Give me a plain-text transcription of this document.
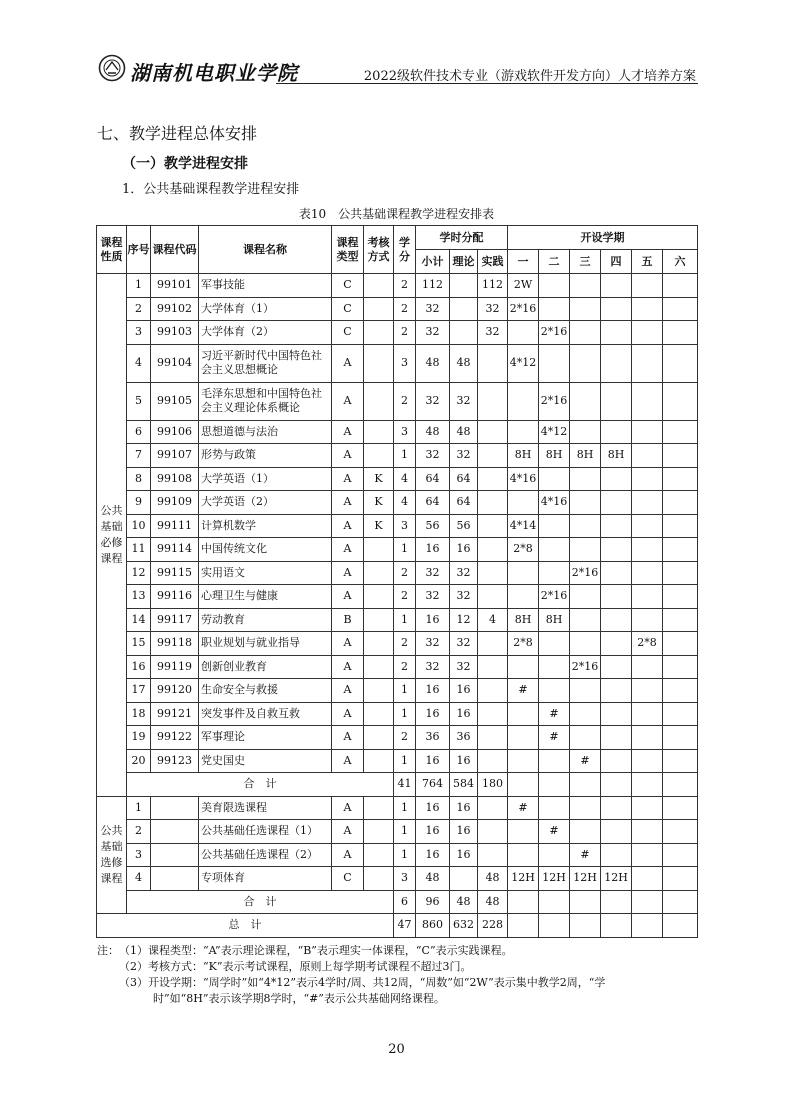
湖南机电职业学院	2022级软件技术专业（游戏软件开发方向）人才培养方案
七、教学进程总体安排
（一）教学进程安排
1．公共基础课程教学进程安排
表10　公共基础课程教学进程安排表
课程性质	序号	课程代码	课程名称	课程类型	考核方式	学分	学时分配			开设学期					
							小计	理论	实践	一	二	三	四	五	六
公共
基础
必修
课程	1	99101	军事技能	C		2	112		112	2W					
	2	99102	大学体育（1）	C		2	32		32	2*16					
	3	99103	大学体育（2）	C		2	32		32		2*16				
	4	99104	习近平新时代中国特色社会主义思想概论	A		3	48	48		4*12					
	5	99105	毛泽东思想和中国特色社会主义理论体系概论	A		2	32	32			2*16				
	6	99106	思想道德与法治	A		3	48	48			4*12				
	7	99107	形势与政策	A		1	32	32		8H	8H	8H	8H		
	8	99108	大学英语（1）	A	K	4	64	64		4*16					
	9	99109	大学英语（2）	A	K	4	64	64			4*16				
	10	99111	计算机数学	A	K	3	56	56		4*14					
	11	99114	中国传统文化	A		1	16	16		2*8					
	12	99115	实用语文	A		2	32	32				2*16			
	13	99116	心理卫生与健康	A		2	32	32			2*16				
	14	99117	劳动教育	B		1	16	12	4	8H	8H				
	15	99118	职业规划与就业指导	A		2	32	32		2*8				2*8	
	16	99119	创新创业教育	A		2	32	32				2*16			
	17	99120	生命安全与救援	A		1	16	16		#					
	18	99121	突发事件及自救互救	A		1	16	16			#				
	19	99122	军事理论	A		2	36	36			#				
	20	99123	党史国史	A		1	16	16				#			
	合　计					41	764	584	180						
公共
基础
选修
课程	1		美育限选课程	A		1	16	16		#					
	2		公共基础任选课程（1）	A		1	16	16			#				
	3		公共基础任选课程（2）	A		1	16	16				#			
	4		专项体育	C		3	48		48	12H	12H	12H	12H		
	合　计					6	96	48	48						
总　计						47	860	632	228						
注：（1）课程类型：“A”表示理论课程，“B”表示理实一体课程，“C”表示实践课程。
（2）考核方式：“K”表示考试课程，原则上每学期考试课程不超过3门。
（3）开设学期：“周学时”如“4*12”表示4学时/周、共12周，“周数”如“2W”表示集中教学2周，“学
时”如“8H”表示该学期8学时，“#”表示公共基础网络课程。
20
